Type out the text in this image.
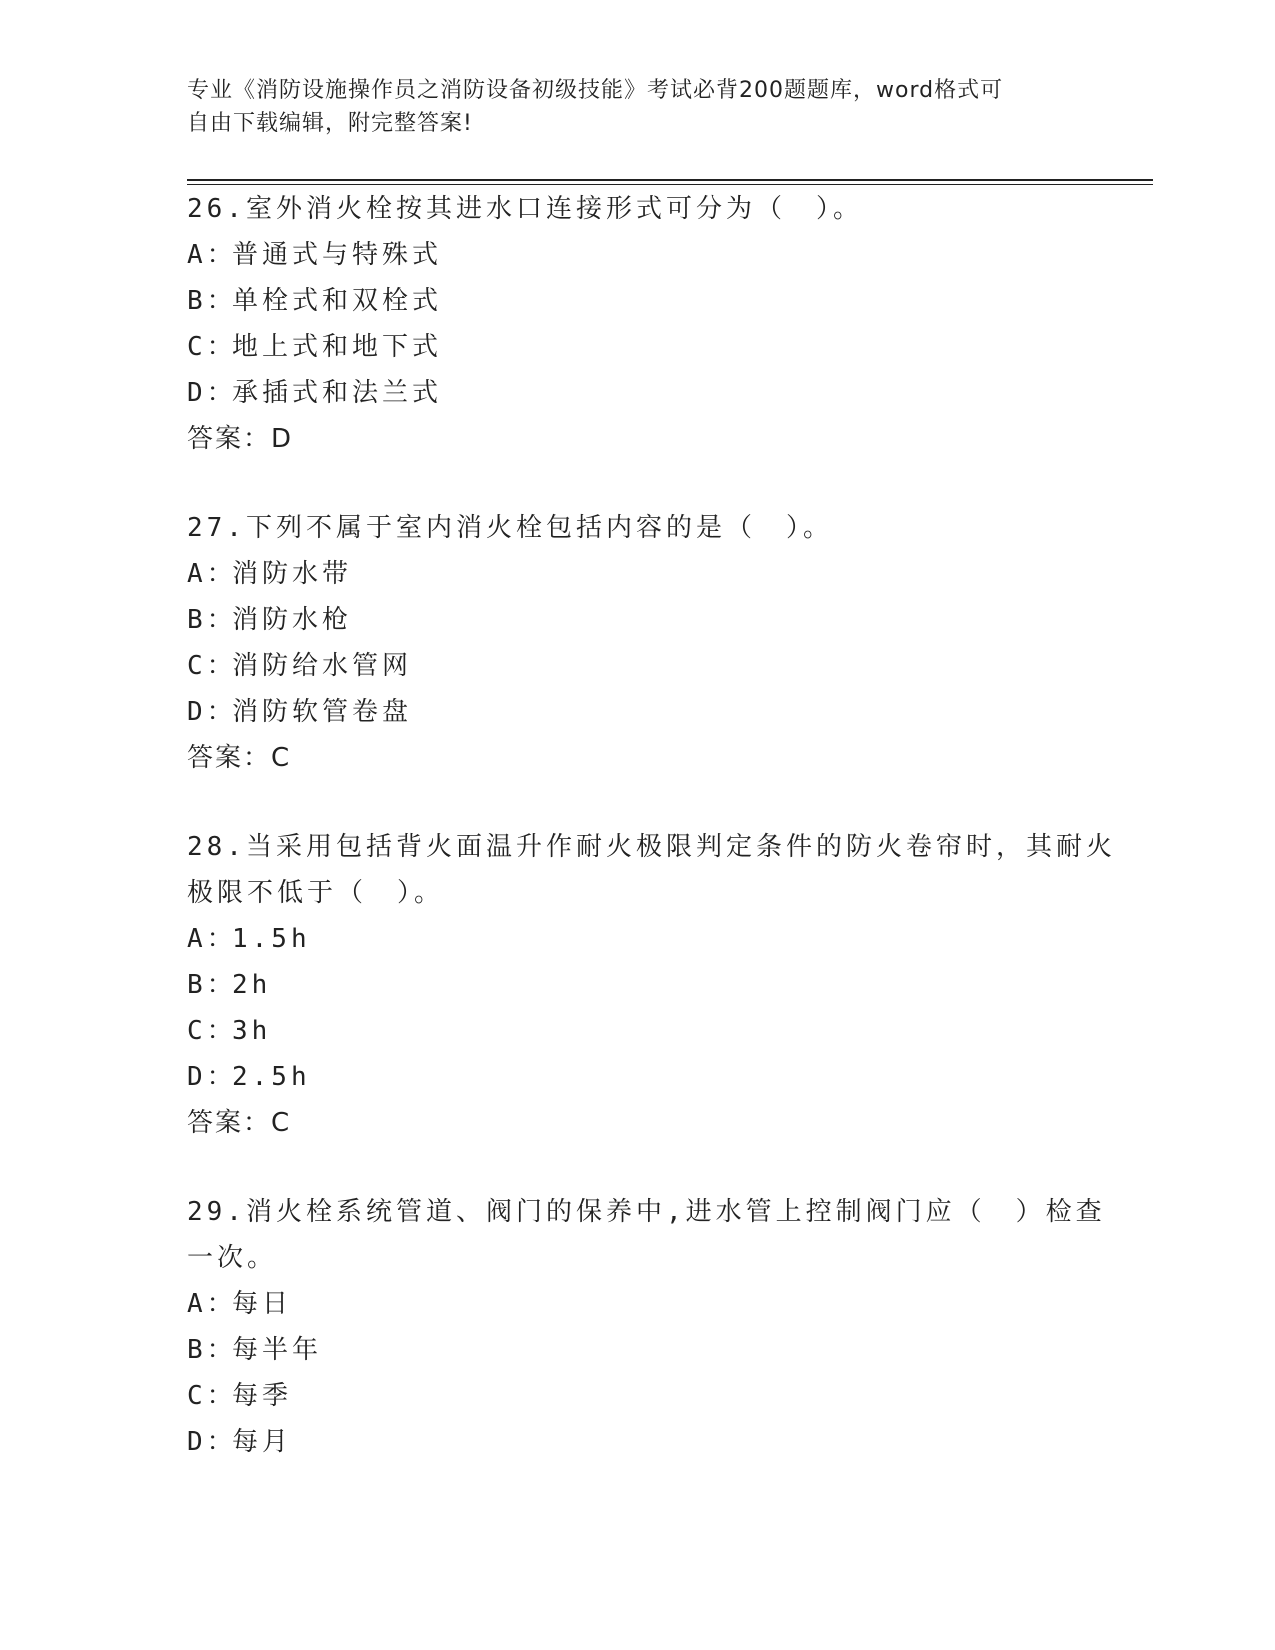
专业《消防设施操作员之消防设备初级技能》考试必背200题题库，word格式可
自由下载编辑，附完整答案!
26.室外消火栓按其进水口连接形式可分为（　）。
A：普通式与特殊式
B：单栓式和双栓式
C：地上式和地下式
D：承插式和法兰式
答案：D
27.下列不属于室内消火栓包括内容的是（　）。
A：消防水带
B：消防水枪
C：消防给水管网
D：消防软管卷盘
答案：C
28.当采用包括背火面温升作耐火极限判定条件的防火卷帘时，其耐火
极限不低于（　）。
A：1.5h
B：2h
C：3h
D：2.5h
答案：C
29.消火栓系统管道、阀门的保养中,进水管上控制阀门应（　）检查
一次。
A：每日
B：每半年
C：每季
D：每月
